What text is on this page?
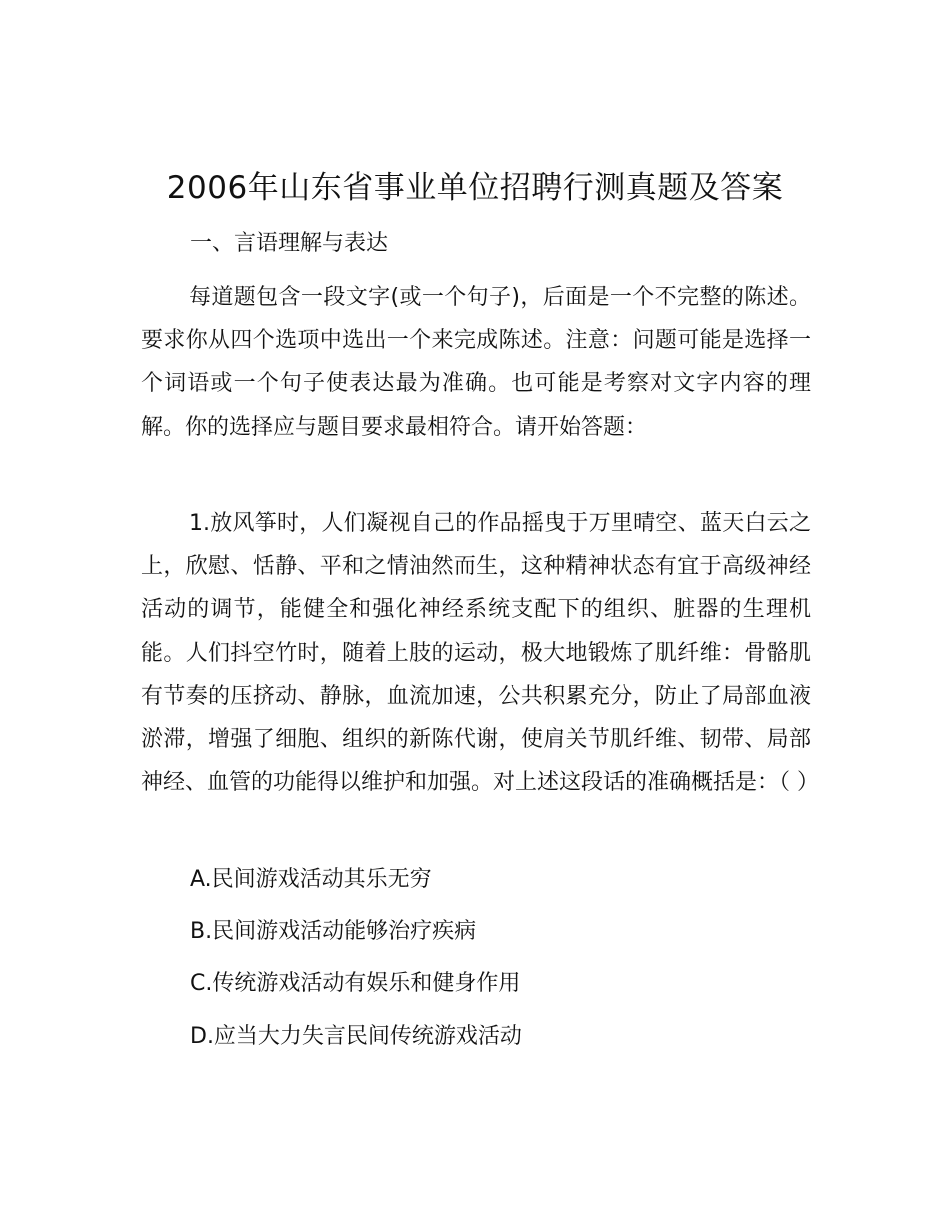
2006年山东省事业单位招聘行测真题及答案
一、言语理解与表达

每道题包含一段文字(或一个句子)，后面是一个不完整的陈述。要求你从四个选项中选出一个来完成陈述。注意：问题可能是选择一个词语或一个句子使表达最为准确。也可能是考察对文字内容的理解。你的选择应与题目要求最相符合。请开始答题：

1.放风筝时，人们凝视自己的作品摇曳于万里晴空、蓝天白云之上，欣慰、恬静、平和之情油然而生，这种精神状态有宜于高级神经活动的调节，能健全和强化神经系统支配下的组织、脏器的生理机能。人们抖空竹时，随着上肢的运动，极大地锻炼了肌纤维：骨骼肌有节奏的压挤动、静脉，血流加速，公共积累充分，防止了局部血液淤滞，增强了细胞、组织的新陈代谢，使肩关节肌纤维、韧带、局部神经、血管的功能得以维护和加强。对上述这段话的准确概括是：（ ）

A.民间游戏活动其乐无穷
B.民间游戏活动能够治疗疾病
C.传统游戏活动有娱乐和健身作用
D.应当大力失言民间传统游戏活动
